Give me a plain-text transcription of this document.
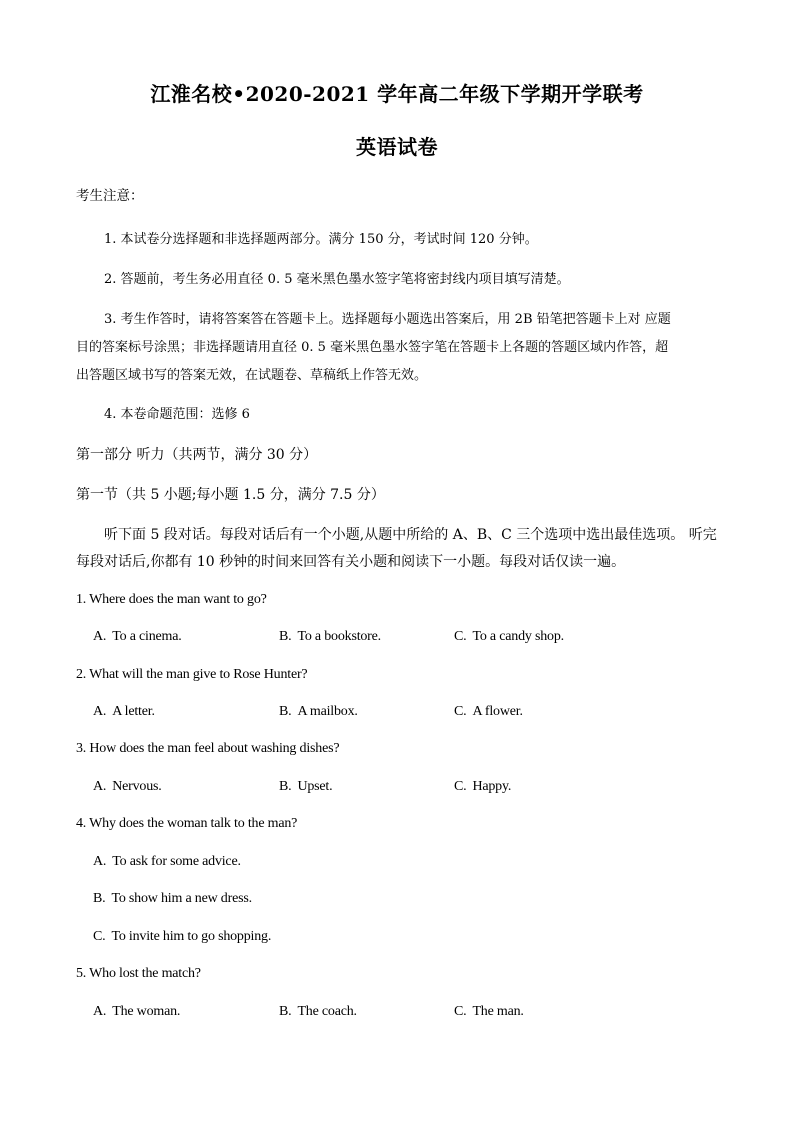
江淮名校•2020-2021 学年高二年级下学期开学联考
英语试卷
考生注意：
1. 本试卷分选择题和非选择题两部分。满分 150 分，考试时间 120 分钟。
2. 答题前，考生务必用直径 0. 5 毫米黑色墨水签字笔将密封线内项目填写清楚。
3. 考生作答时，请将答案答在答题卡上。选择题每小题选出答案后，用 2B 铅笔把答题卡上对 应题
目的答案标号涂黑；非选择题请用直径 0. 5 毫米黑色墨水签字笔在答题卡上各题的答题区域内作答，超
出答题区域书写的答案无效，在试题卷、草稿纸上作答无效。
4. 本卷命题范围：选修 6
第一部分 听力（共两节，满分 30 分）
第一节（共 5 小题;每小题 1.5 分，满分 7.5 分）
听下面 5 段对话。每段对话后有一个小题,从题中所给的 A、B、C 三个选项中选出最佳选项。 听完
每段对话后,你都有 10 秒钟的时间来回答有关小题和阅读下一小题。每段对话仅读一遍。
1. Where does the man want to go?
A. To a cinema.	B. To a bookstore.	C. To a candy shop.
2. What will the man give to Rose Hunter?
A. A letter.	B. A mailbox.	C. A flower.
3. How does the man feel about washing dishes?
A. Nervous.	B. Upset.	C. Happy.
4. Why does the woman talk to the man?
A. To ask for some advice.
B. To show him a new dress.
C. To invite him to go shopping.
5. Who lost the match?
A. The woman.	B. The coach.	C. The man.
